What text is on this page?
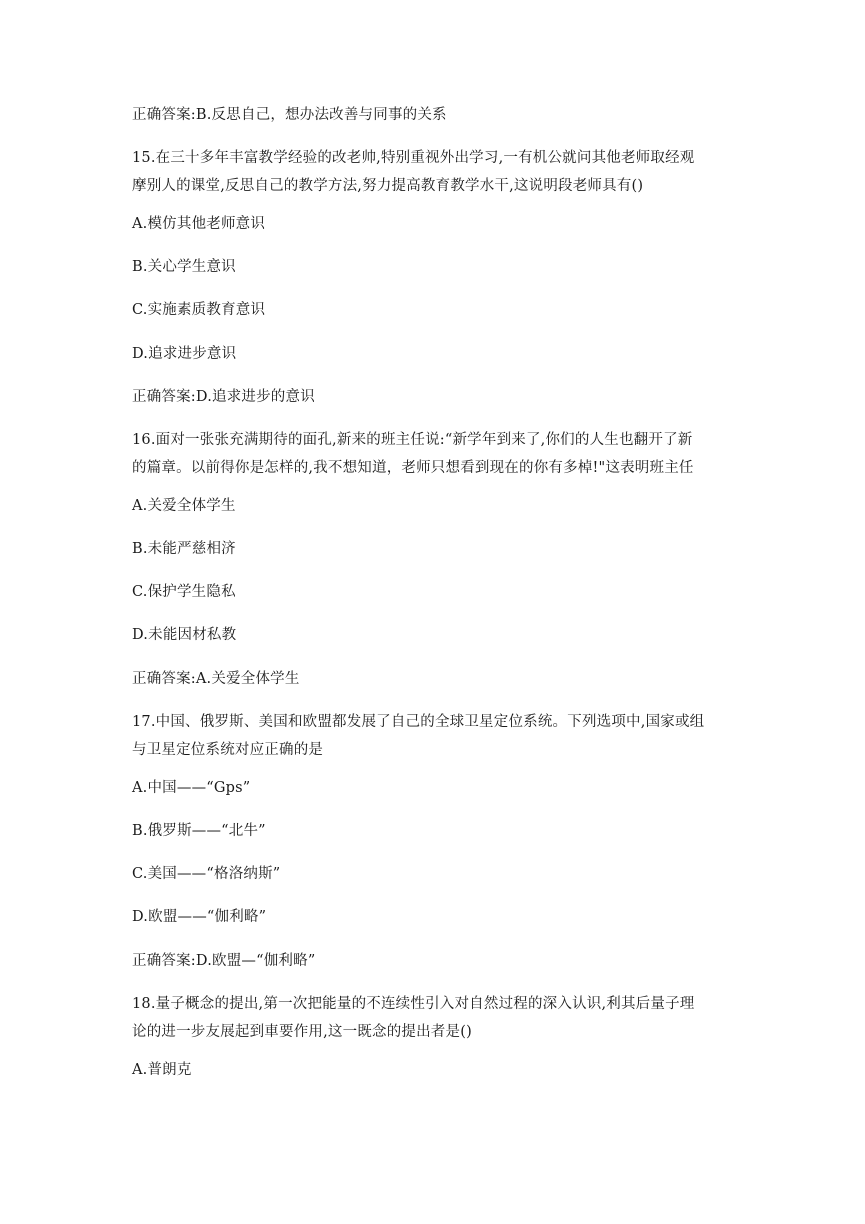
正确答案:B.反思自己，想办法改善与同事的关系
15.在三十多年丰富教学经验的改老帅,特别重视外出学习,一有机公就问其他老师取经观
摩别人的课堂,反思自己的教学方法,努力提高教育教学水干,这说明段老师具有()
A.模仿其他老师意识
B.关心学生意识
C.实施素质教育意识
D.追求进步意识
正确答案:D.追求进步的意识
16.面对一张张充满期待的面孔,新来的班主任说:“新学年到来了,你们的人生也翻开了新
的篇章。以前得你是怎样的,我不想知道，老师只想看到现在的你有多棹!"这表明班主任
A.关爱全体学生
B.未能严慈相济
C.保护学生隐私
D.未能因材私教
正确答案:A.关爱全体学生
17.中国、俄罗斯、美国和欧盟都发展了自己的全球卫星定位系统。下列选项中,国家或组
与卫星定位系统对应正确的是
A.中国——“Gps”
B.俄罗斯——“北牛”
C.美国——“格洛纳斯”
D.欧盟——“伽利略”
正确答案:D.欧盟—“伽利略”
18.量子概念的提出,第一次把能量的不连续性引入对自然过程的深入认识,利其后量子理
论的进一步友展起到車要作用,这一既念的提出者是()
A.普朗克
